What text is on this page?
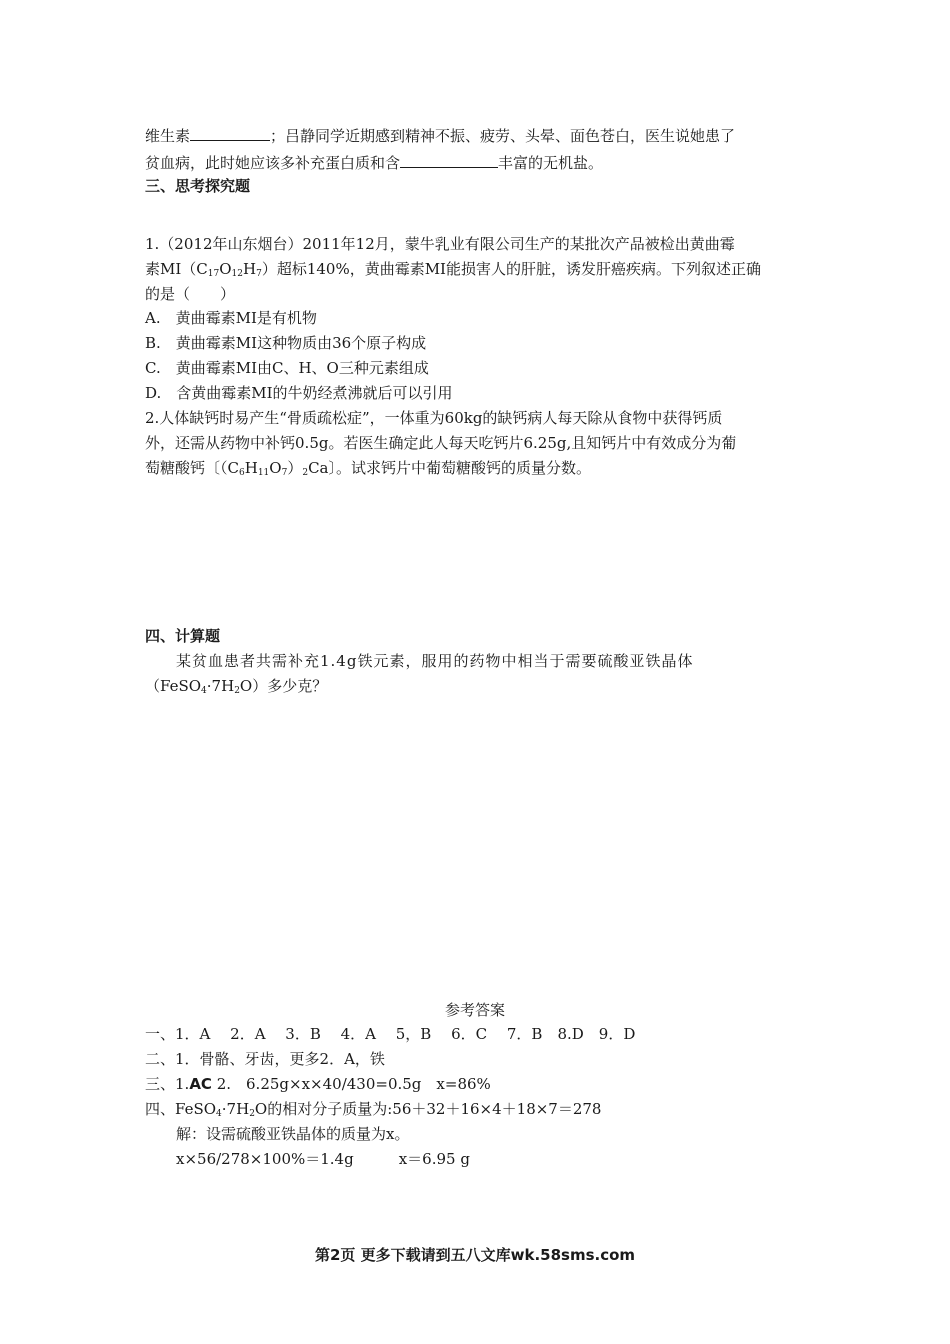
维生素	；吕静同学近期感到精神不振、疲劳、头晕、面色苍白，医生说她患了
贫血病，此时她应该多补充蛋白质和含	丰富的无机盐。
三、思考探究题
1.（2012年山东烟台）2011年12月，蒙牛乳业有限公司生产的某批次产品被检出黄曲霉
素$MI(C_{17}O_{12}H_7)$超标140%，黄曲霉素MI能损害人的肝脏，诱发肝癌疾病。下列叙述正确
的是（　　）
A.　黄曲霉素MI是有机物
B.　黄曲霉素MI这种物质由36个原子构成
C.　黄曲霉素MI由C、H、O三种元素组成
D.　含黄曲霉素MI的牛奶经煮沸就后可以引用
2.人体缺钙时易产生“骨质疏松症”，一体重为60kg的缺钙病人每天除从食物中获得钙质
外，还需从药物中补钙0.5g。若医生确定此人每天吃钙片6.25g,且知钙片中有效成分为葡
萄糖酸钙〔$(C_6H_{11}O_7)_2Ca$〕。试求钙片中葡萄糖酸钙的质量分数。
四、计算题
某贫血患者共需补充1.4g铁元素，服用的药物中相当于需要硫酸亚铁晶体
$(FeSO_4\cdot 7H_2O)$多少克？
参考答案
一、1．A　 2．A　 3．B　 4．A　 5，B　 6．C　 7．B　8.D　9．D
二、1．骨骼、牙齿，更多2．A，铁
三、1.AC 2.　6.25g×x×40/430=0.5g　x=86%
四、$FeSO_4\cdot 7H_2O$的相对分子质量为:56＋32＋16×4＋18×7＝278
解：设需硫酸亚铁晶体的质量为x。
x×56/278×100%＝1.4g　　　x＝6.95 g
第2页 更多下载请到五八文库wk.58sms.com
